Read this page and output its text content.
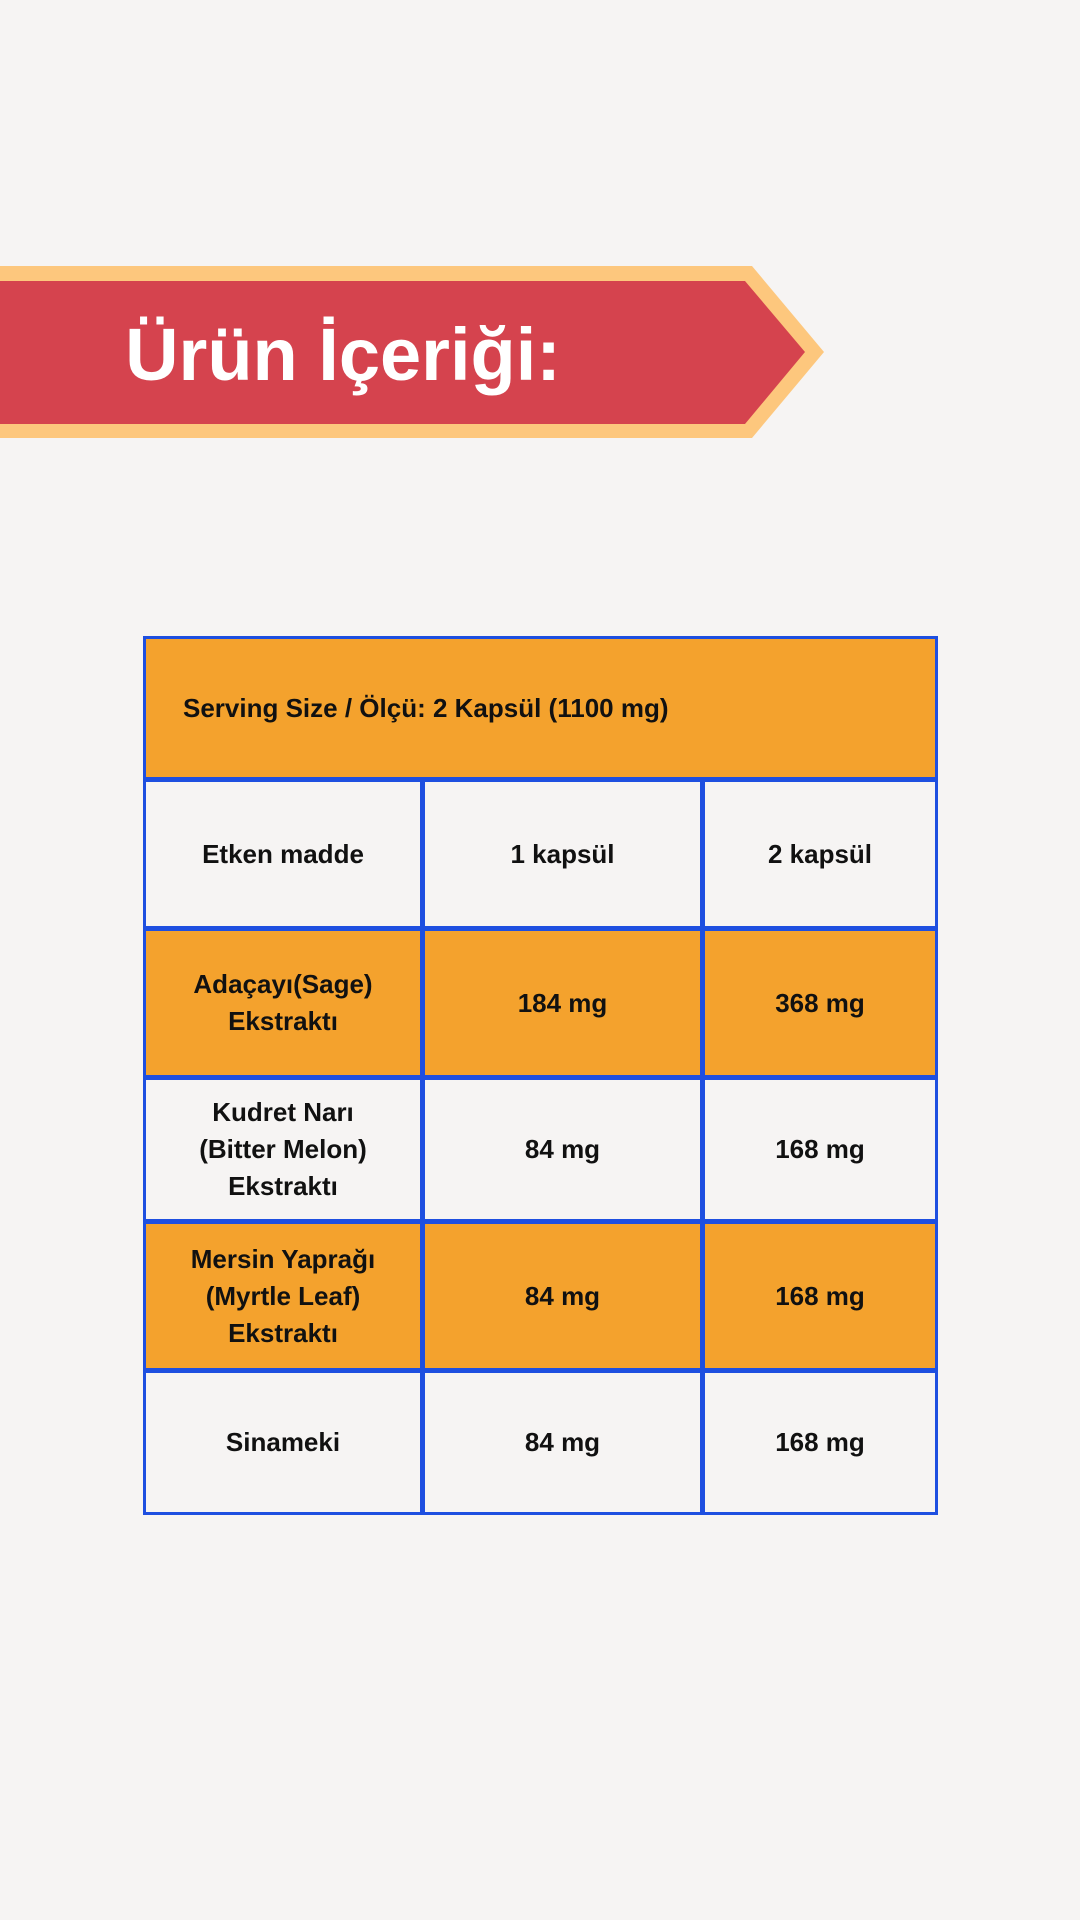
Ürün İçeriği:
Serving Size / Ölçü: 2 Kapsül (1100 mg)
Etken madde	1 kapsül	2 kapsül
Adaçayı(Sage)
Ekstraktı
184 mg	368 mg
Kudret Narı
(Bitter Melon)
Ekstraktı
84 mg	168 mg
Mersin Yaprağı
(Myrtle Leaf)
Ekstraktı
84 mg	168 mg
Sinameki	84 mg	168 mg
